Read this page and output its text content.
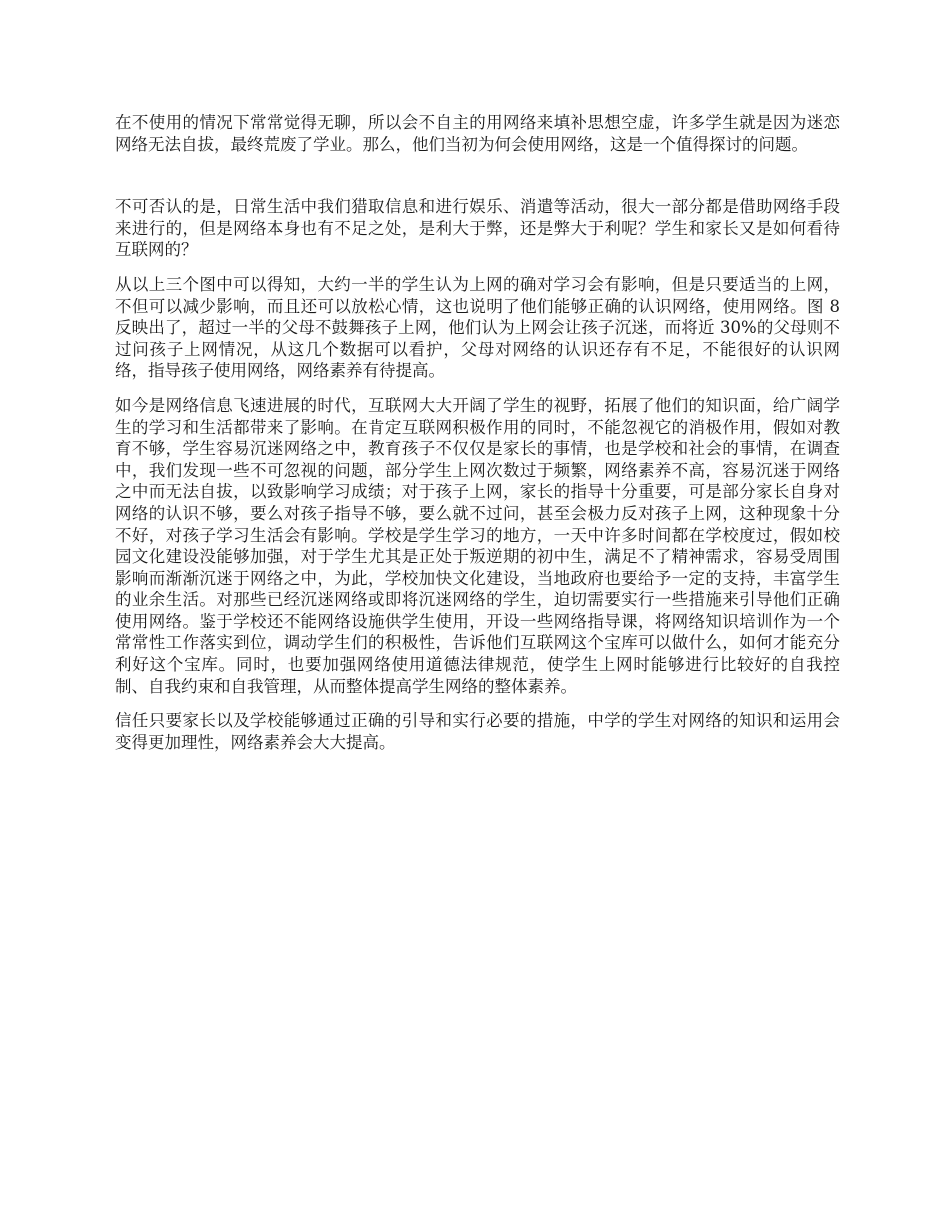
在不使用的情况下常常觉得无聊，所以会不自主的用网络来填补思想空虚，许多学生就是因为迷恋网络无法自拔，最终荒废了学业。那么，他们当初为何会使用网络，这是一个值得探讨的问题。

不可否认的是，日常生活中我们猎取信息和进行娱乐、消遣等活动，很大一部分都是借助网络手段来进行的，但是网络本身也有不足之处，是利大于弊，还是弊大于利呢？学生和家长又是如何看待互联网的？

从以上三个图中可以得知，大约一半的学生认为上网的确对学习会有影响，但是只要适当的上网，不但可以减少影响，而且还可以放松心情，这也说明了他们能够正确的认识网络，使用网络。图 8 反映出了，超过一半的父母不鼓舞孩子上网，他们认为上网会让孩子沉迷，而将近 30%的父母则不过问孩子上网情况，从这几个数据可以看护，父母对网络的认识还存有不足，不能很好的认识网络，指导孩子使用网络，网络素养有待提高。

如今是网络信息飞速进展的时代，互联网大大开阔了学生的视野，拓展了他们的知识面，给广阔学生的学习和生活都带来了影响。在肯定互联网积极作用的同时，不能忽视它的消极作用，假如对教育不够，学生容易沉迷网络之中，教育孩子不仅仅是家长的事情，也是学校和社会的事情，在调查中，我们发现一些不可忽视的问题，部分学生上网次数过于频繁，网络素养不高，容易沉迷于网络之中而无法自拔，以致影响学习成绩；对于孩子上网，家长的指导十分重要，可是部分家长自身对网络的认识不够，要么对孩子指导不够，要么就不过问，甚至会极力反对孩子上网，这种现象十分不好，对孩子学习生活会有影响。学校是学生学习的地方，一天中许多时间都在学校度过，假如校园文化建设没能够加强，对于学生尤其是正处于叛逆期的初中生，满足不了精神需求，容易受周围影响而渐渐沉迷于网络之中，为此，学校加快文化建设，当地政府也要给予一定的支持，丰富学生的业余生活。对那些已经沉迷网络或即将沉迷网络的学生，迫切需要实行一些措施来引导他们正确使用网络。鉴于学校还不能网络设施供学生使用，开设一些网络指导课，将网络知识培训作为一个常常性工作落实到位，调动学生们的积极性，告诉他们互联网这个宝库可以做什么，如何才能充分利好这个宝库。同时，也要加强网络使用道德法律规范，使学生上网时能够进行比较好的自我控制、自我约束和自我管理，从而整体提高学生网络的整体素养。

信任只要家长以及学校能够通过正确的引导和实行必要的措施，中学的学生对网络的知识和运用会变得更加理性，网络素养会大大提高。
